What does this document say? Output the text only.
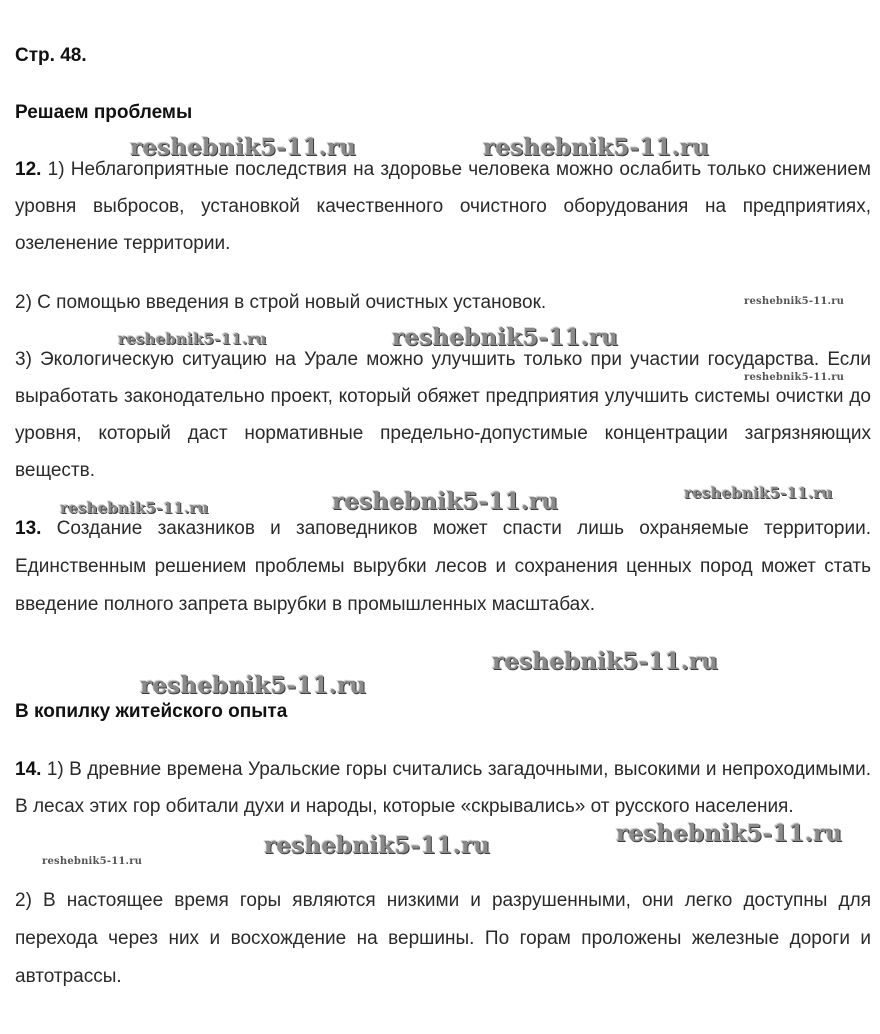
Стр. 48.
Решаем проблемы

12. 1) Неблагоприятные последствия на здоровье человека можно ослабить только снижением уровня выбросов, установкой качественного очистного оборудования на предприятиях, озеленение территории.

2) С помощью введения в строй новый очистных установок.

3) Экологическую ситуацию на Урале можно улучшить только при участии государства. Если выработать законодательно проект, который обяжет предприятия улучшить системы очистки до уровня, который даст нормативные предельно-допустимые концентрации загрязняющих веществ.

13. Создание заказников и заповедников может спасти лишь охраняемые территории. Единственным решением проблемы вырубки лесов и сохранения ценных пород может стать введение полного запрета вырубки в промышленных масштабах.

В копилку житейского опыта

14. 1) В древние времена Уральские горы считались загадочными, высокими и непроходимыми. В лесах этих гор обитали духи и народы, которые «скрывались» от русского населения.

2) В настоящее время горы являются низкими и разрушенными, они легко доступны для перехода через них и восхождение на вершины. По горам проложены железные дороги и автотрассы.

reshebnik5-11.ru	reshebnik5-11.ru
reshebnik5-11.ru
reshebnik5-11.ru	reshebnik5-11.ru
reshebnik5-11.ru
reshebnik5-11.ru	reshebnik5-11.ru	reshebnik5-11.ru
reshebnik5-11.ru
reshebnik5-11.ru
reshebnik5-11.ru
reshebnik5-11.ru
reshebnik5-11.ru
